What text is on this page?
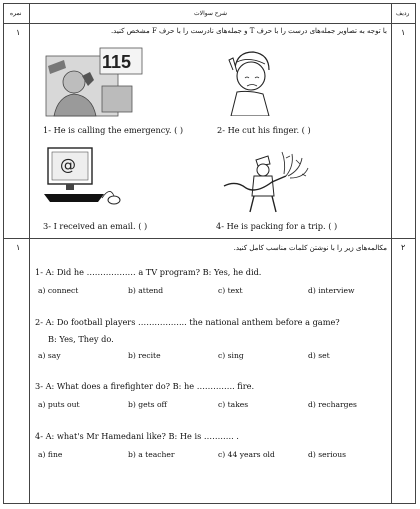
نمره	شرح سوالات	ردیف
۱	۱
با توجه به تصاویر جمله‌های درست را با حرف T و جمله‌های نادرست را با حرف F مشخص کنید.
115
1- He is calling the emergency. ( )	2- He cut his finger. ( )
@
3- I received an email. ( )	4- He is packing for a trip. ( )
۱	۲
مکالمه‌های زیر را با نوشتن کلمات مناسب کامل کنید.
1- A: Did he ……………… a TV program? B: Yes, he did.
a) connect	b) attend	c) text	d) interview
2- A: Do football players ……………... the national anthem before a game?
B: Yes, They do.
a) say	b) recite	c) sing	d) set
3- A: What does a firefighter do? B: he ………….. fire.
a) puts out	b) gets off	c) takes	d) recharges
4- A: what's Mr Hamedani like? B: He is ……….. .
a) fine	b) a teacher	c) 44 years old	d) serious
